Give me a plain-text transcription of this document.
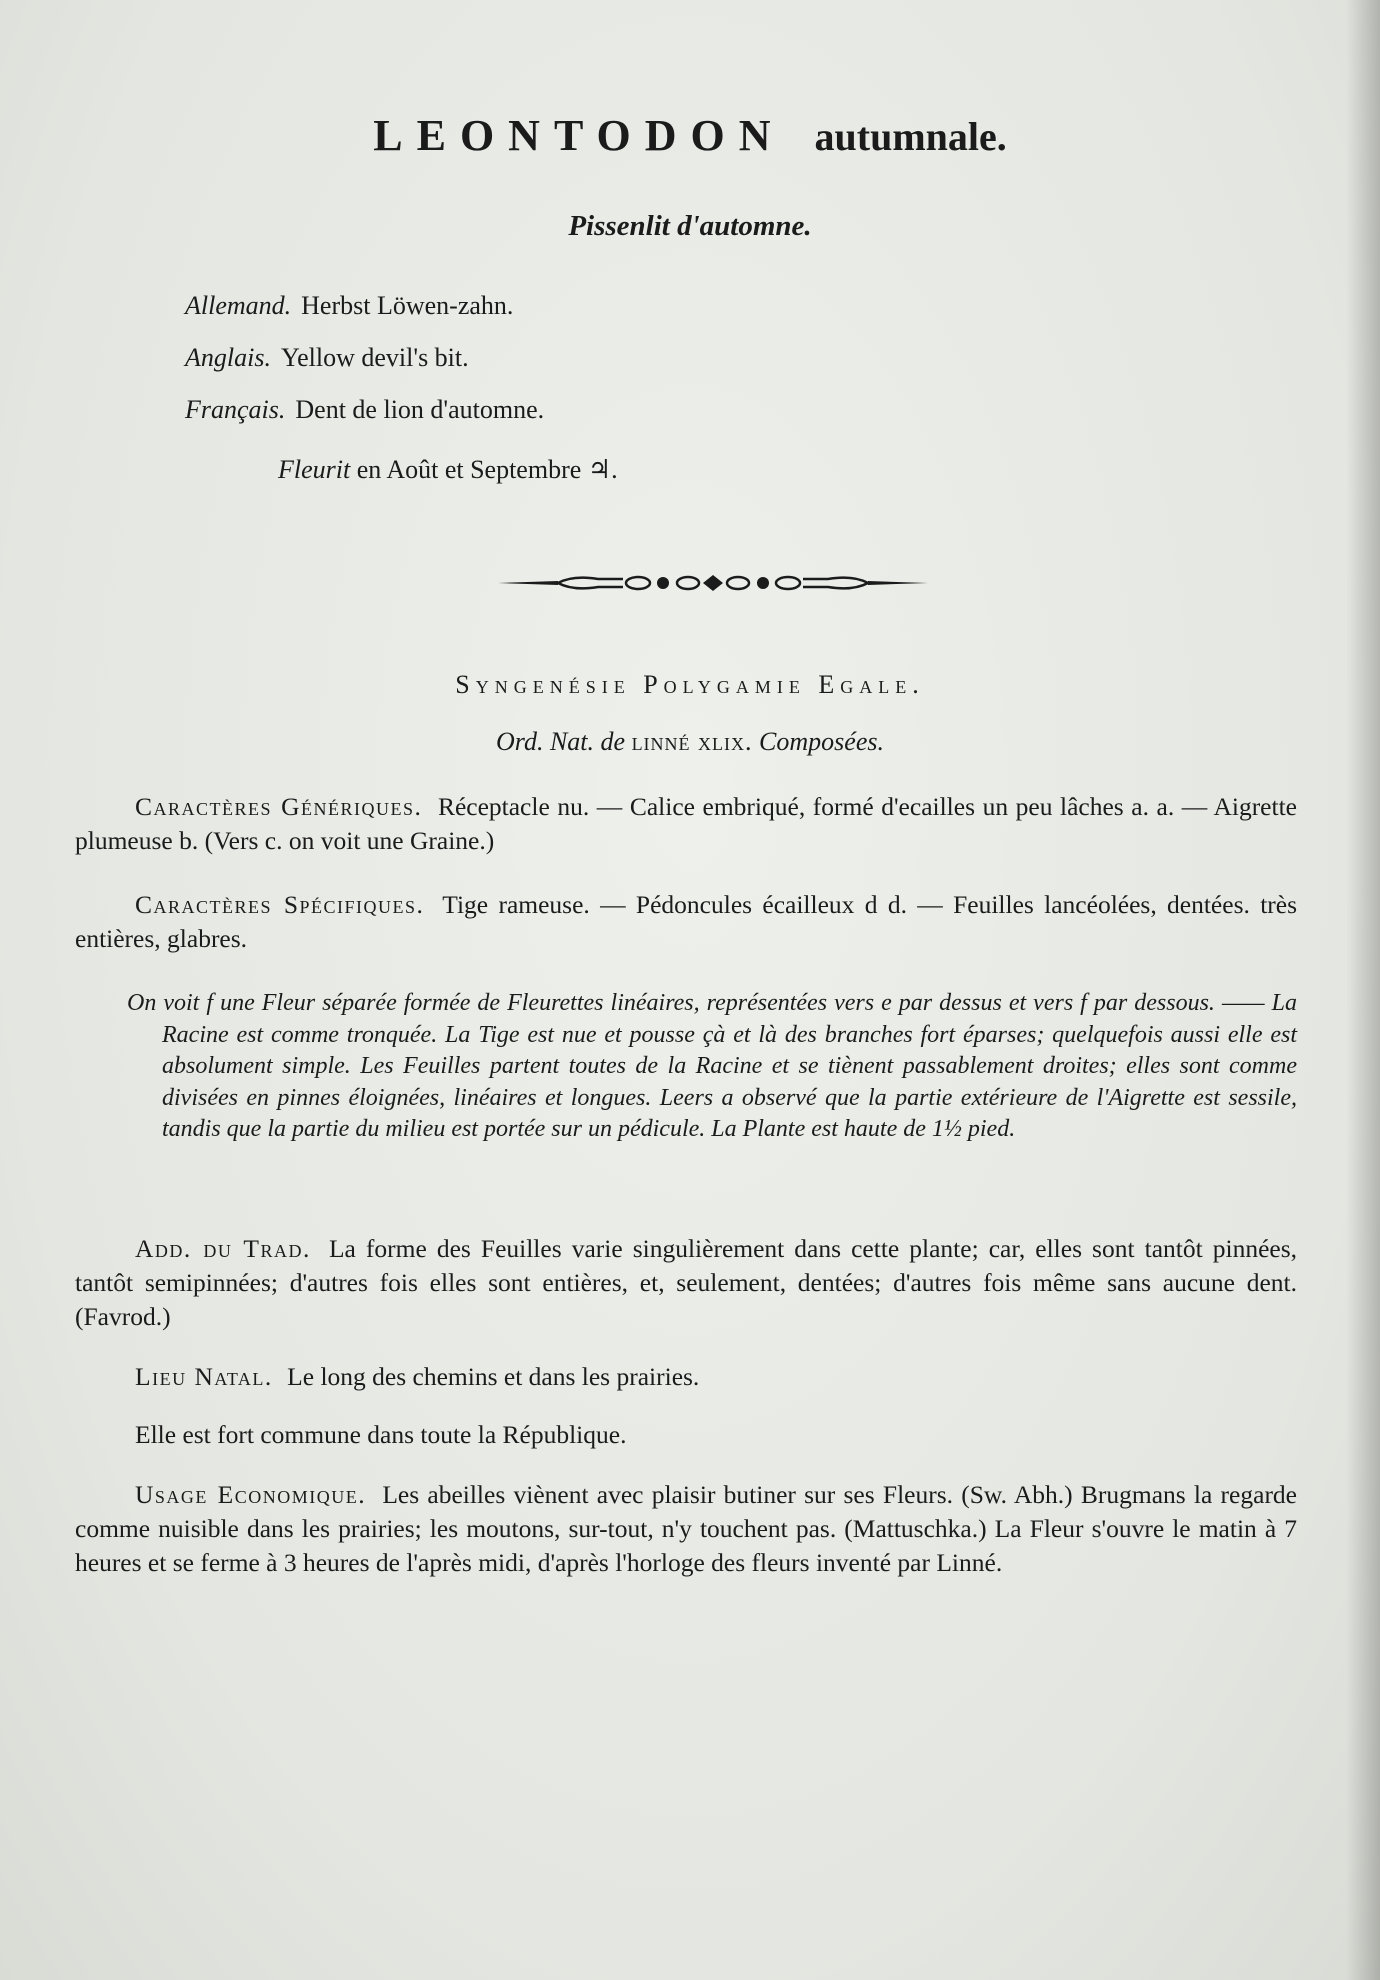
LEONTODON autumnale.
Pissenlit d'automne.
Allemand. Herbst Löwen-zahn.
Anglais. Yellow devil's bit.
Français. Dent de lion d'automne.
Fleurit en Août et Septembre ♃.
Syngenésie Polygamie Egale.
Ord. Nat. de linné xlix. Composées.
Caractères Génériques. Réceptacle nu. — Calice embriqué, formé d'ecailles un peu lâches a. a. — Aigrette plumeuse b. (Vers c. on voit une Graine.)
Caractères Spécifiques. Tige rameuse. — Pédoncules écailleux d d. — Feuilles lancéolées, dentées. très entières, glabres.
On voit f une Fleur séparée formée de Fleurettes linéaires, représentées vers e par dessus et vers f par dessous. —— La Racine est comme tronquée. La Tige est nue et pousse çà et là des branches fort éparses; quelquefois aussi elle est absolument simple. Les Feuilles partent toutes de la Racine et se tiènent passablement droites; elles sont comme divisées en pinnes éloignées, linéaires et longues. Leers a observé que la partie extérieure de l'Aigrette est sessile, tandis que la partie du milieu est portée sur un pédicule. La Plante est haute de 1½ pied.
Add. du Trad. La forme des Feuilles varie singulièrement dans cette plante; car, elles sont tantôt pinnées, tantôt semipinnées; d'autres fois elles sont entières, et, seulement, dentées; d'autres fois même sans aucune dent. (Favrod.)
Lieu Natal. Le long des chemins et dans les prairies.
Elle est fort commune dans toute la République.
Usage Economique. Les abeilles viènent avec plaisir butiner sur ses Fleurs. (Sw. Abh.) Brugmans la regarde comme nuisible dans les prairies; les moutons, sur-tout, n'y touchent pas. (Mattuschka.) La Fleur s'ouvre le matin à 7 heures et se ferme à 3 heures de l'après midi, d'après l'horloge des fleurs inventé par Linné.
